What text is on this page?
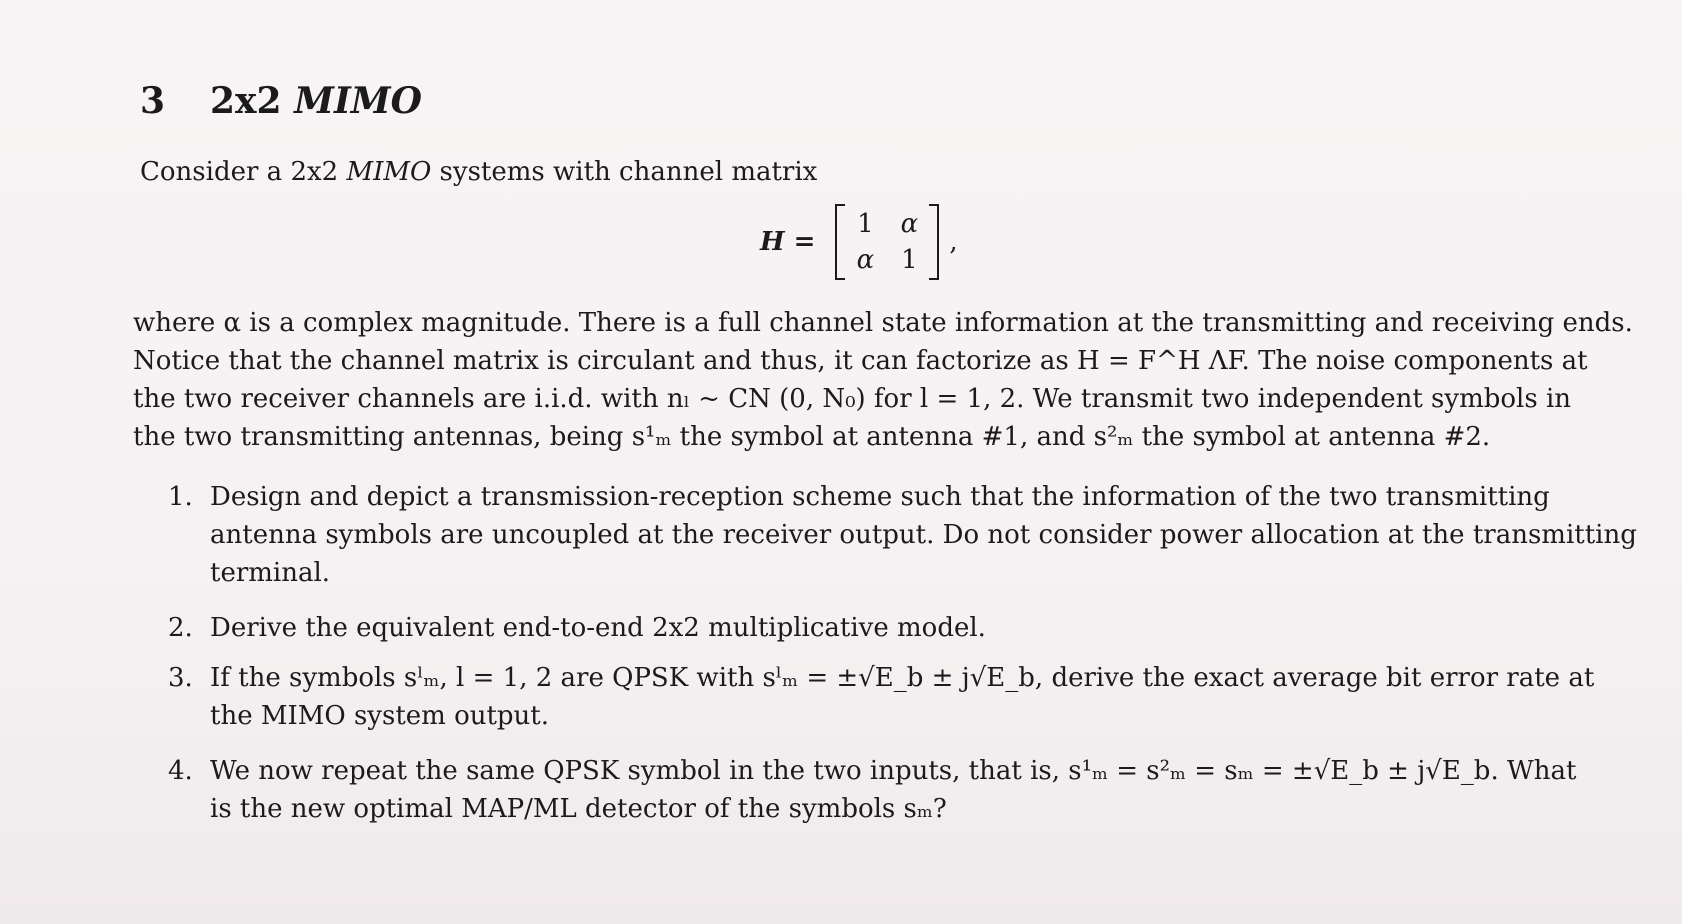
3 2x2 MIMO
Consider a 2x2 MIMO systems with channel matrix
H =
1 α
α 1
,
where α is a complex magnitude. There is a full channel state information at the transmitting and receiving ends.
Notice that the channel matrix is circulant and thus, it can factorize as H = F^H ΛF. The noise components at
the two receiver channels are i.i.d. with nₗ ~ CN (0, N₀) for l = 1, 2. We transmit two independent symbols in
the two transmitting antennas, being s¹ₘ the symbol at antenna #1, and s²ₘ the symbol at antenna #2.
1. Design and depict a transmission-reception scheme such that the information of the two transmitting
antenna symbols are uncoupled at the receiver output. Do not consider power allocation at the transmitting
terminal.
2. Derive the equivalent end-to-end 2x2 multiplicative model.
3. If the symbols sˡₘ, l = 1, 2 are QPSK with sˡₘ = ±√E_b ± j√E_b, derive the exact average bit error rate at
the MIMO system output.
4. We now repeat the same QPSK symbol in the two inputs, that is, s¹ₘ = s²ₘ = sₘ = ±√E_b ± j√E_b. What
is the new optimal MAP/ML detector of the symbols sₘ?
